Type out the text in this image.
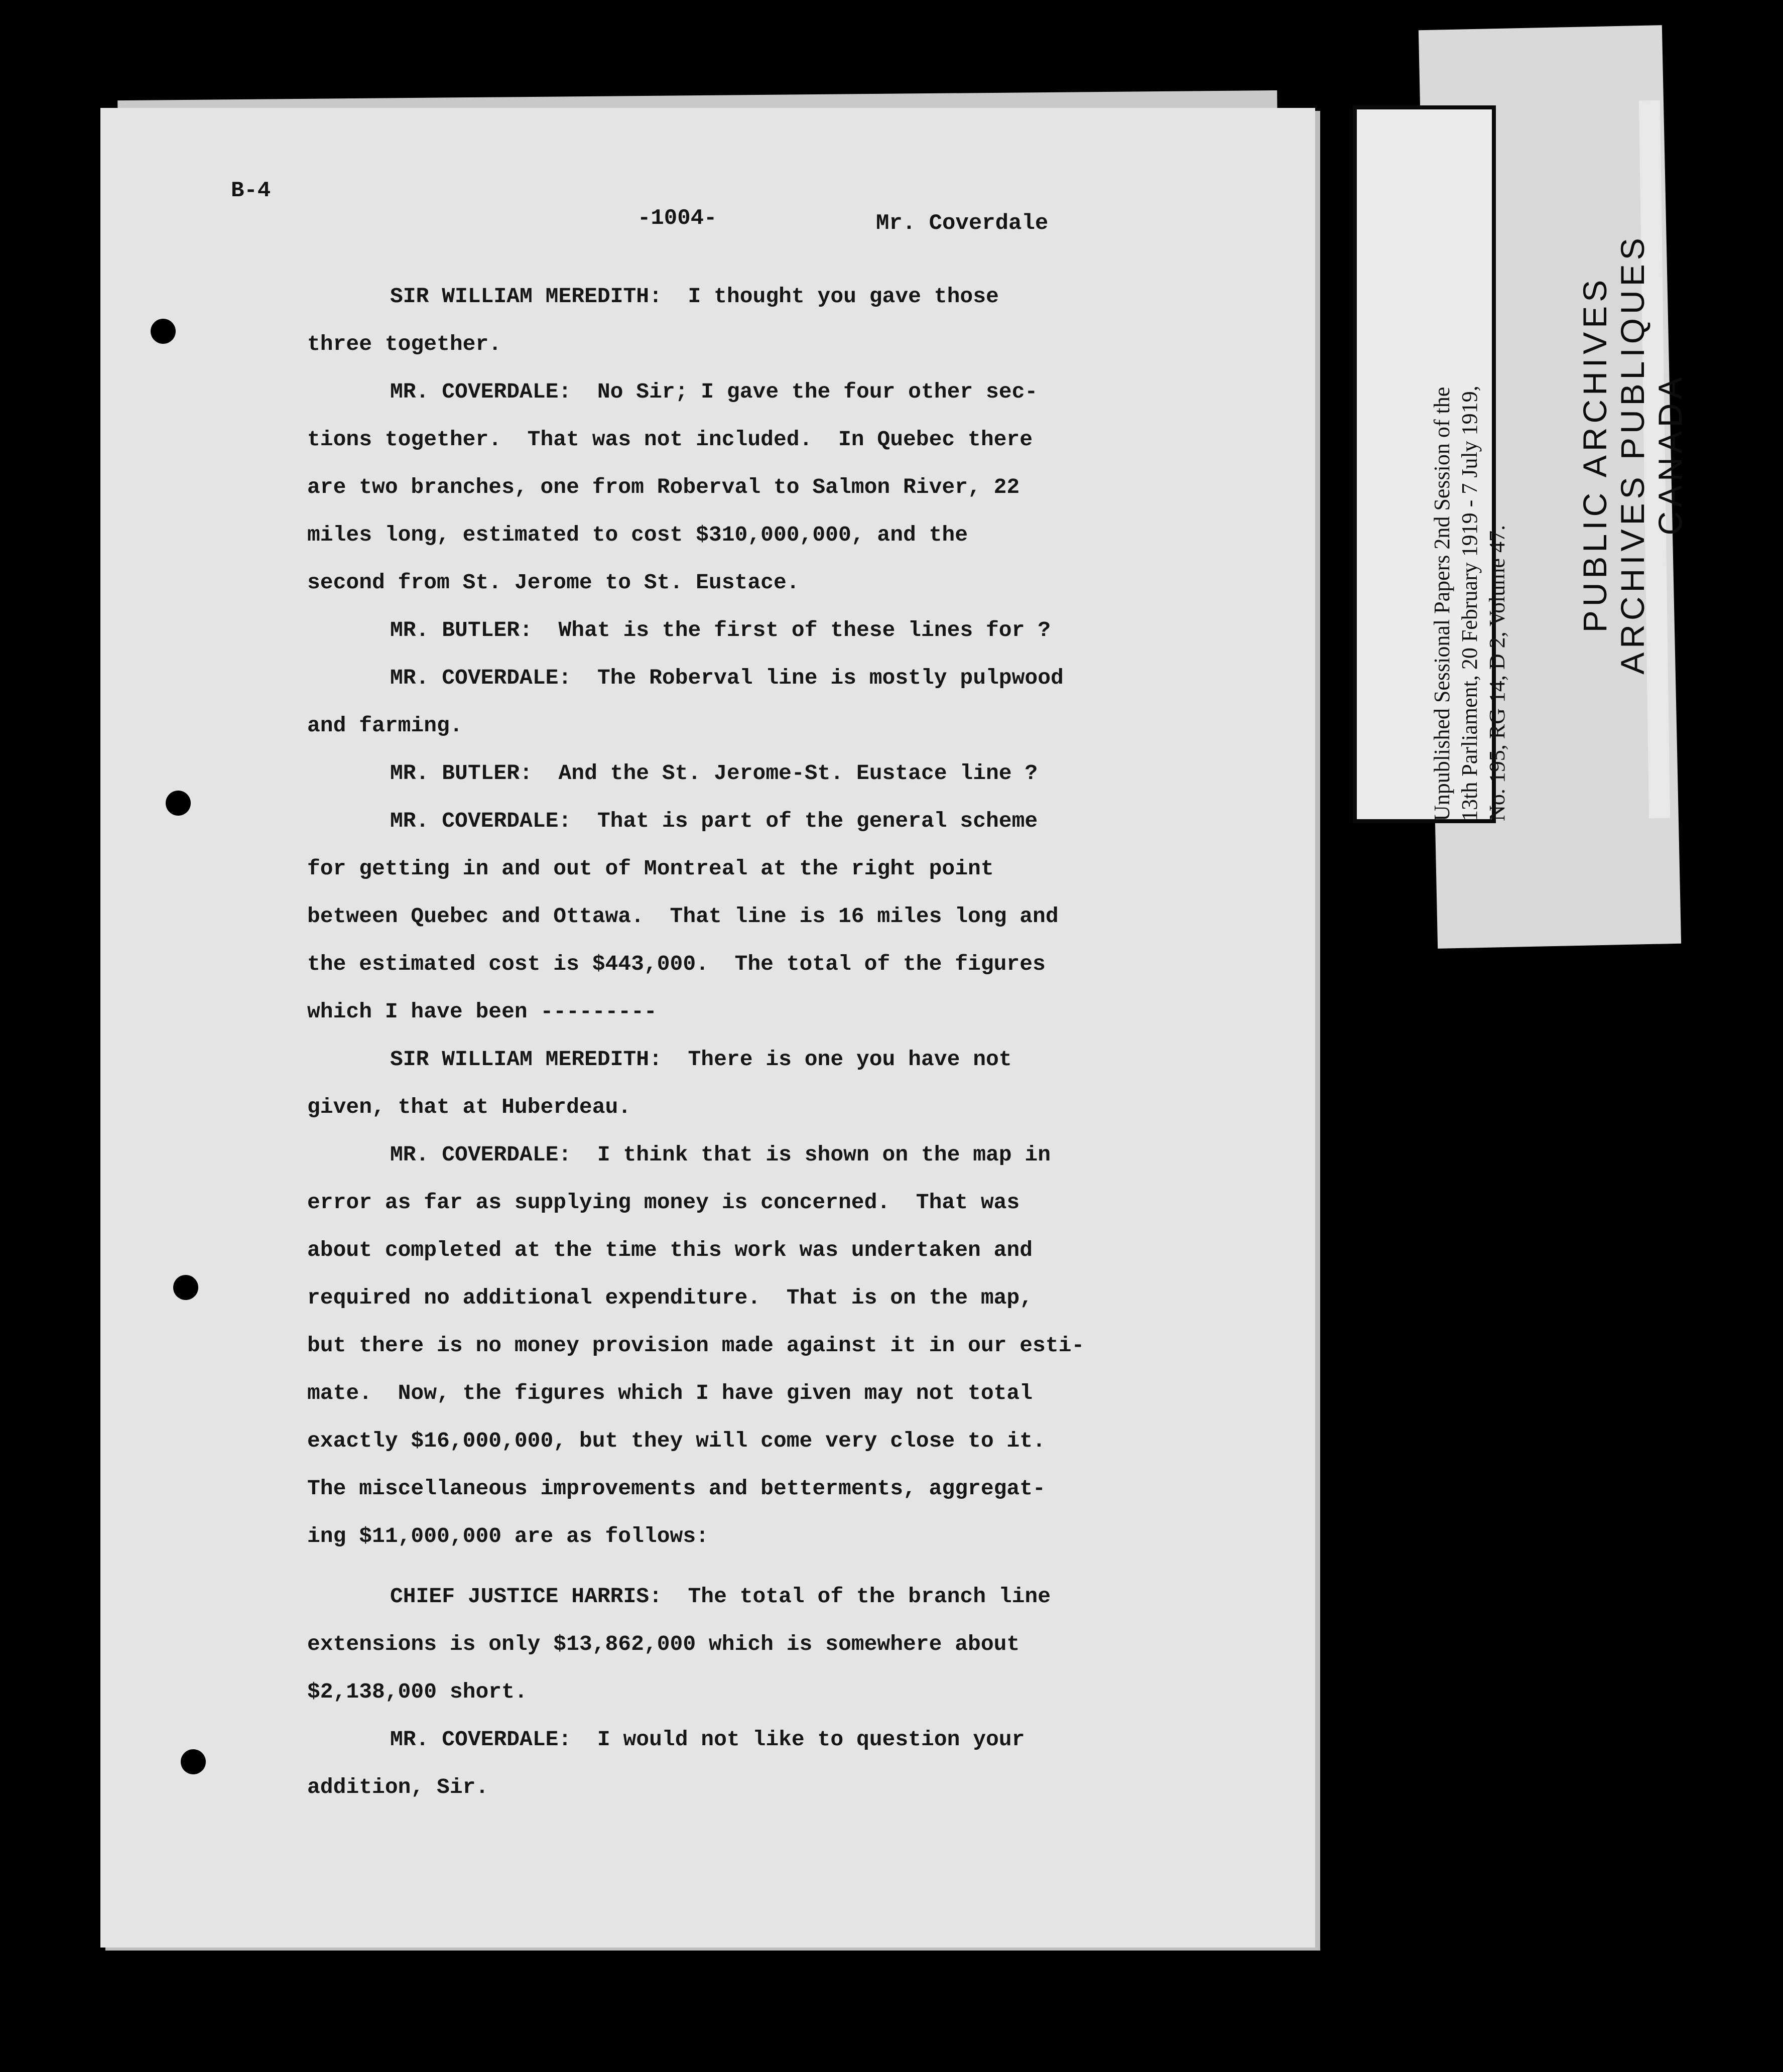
B-4
-1004-	Mr. Coverdale
SIR WILLIAM MEREDITH:  I thought you gave those
three together.
MR. COVERDALE:  No Sir; I gave the four other sec-
tions together.  That was not included.  In Quebec there
are two branches, one from Roberval to Salmon River, 22
miles long, estimated to cost $310,000,000, and the
second from St. Jerome to St. Eustace.
MR. BUTLER:  What is the first of these lines for ?
MR. COVERDALE:  The Roberval line is mostly pulpwood
and farming.
MR. BUTLER:  And the St. Jerome-St. Eustace line ?
MR. COVERDALE:  That is part of the general scheme
for getting in and out of Montreal at the right point
between Quebec and Ottawa.  That line is 16 miles long and
the estimated cost is $443,000.  The total of the figures
which I have been ---------
SIR WILLIAM MEREDITH:  There is one you have not
given, that at Huberdeau.
MR. COVERDALE:  I think that is shown on the map in
error as far as supplying money is concerned.  That was
about completed at the time this work was undertaken and
required no additional expenditure.  That is on the map,
but there is no money provision made against it in our esti-
mate.  Now, the figures which I have given may not total
exactly $16,000,000, but they will come very close to it.
The miscellaneous improvements and betterments, aggregat-
ing $11,000,000 are as follows:
CHIEF JUSTICE HARRIS:  The total of the branch line
extensions is only $13,862,000 which is somewhere about
$2,138,000 short.
MR. COVERDALE:  I would not like to question your
addition, Sir.
Unpublished Sessional Papers 2nd Session of the 13th Parliament, 20 February 1919 - 7 July 1919, No. 195, RG 14, D 2, Volume 47.
PUBLIC ARCHIVES ARCHIVES PUBLIQUES CANADA
